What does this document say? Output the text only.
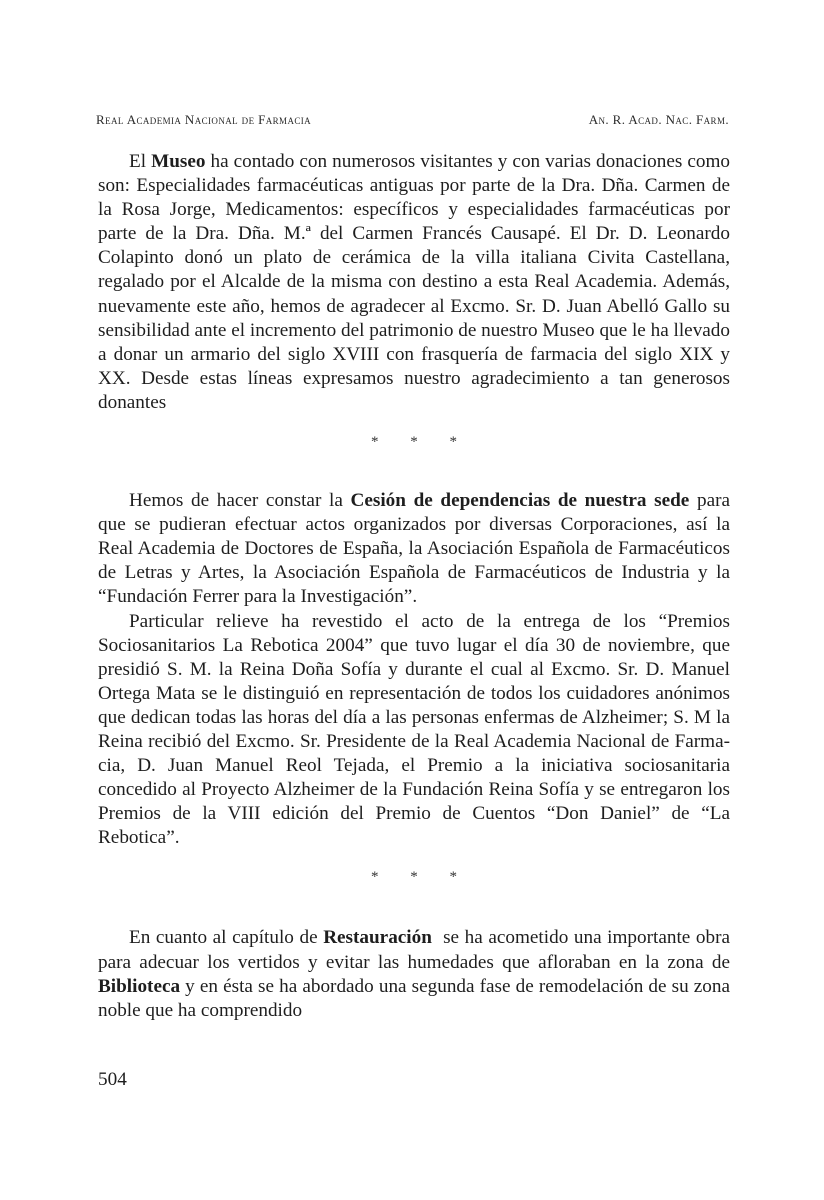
Real Academia Nacional de Farmacia	An. R. Acad. Nac. Farm.

El Museo ha contado con numerosos visitantes y con varias donaciones como son: Especialidades farmacéuticas antiguas por parte de la Dra. Dña. Carmen de la Rosa Jorge, Medicamentos: específicos y especialidades farmacéuticas por parte de la Dra. Dña. M.ª del Carmen Francés Causapé. El Dr. D. Leonardo Colapinto donó un plato de cerámica de la villa italiana Civita Castellana, regalado por el Alcalde de la misma con destino a esta Real Academia. Además, nuevamente este año, hemos de agradecer al Excmo. Sr. D. Juan Abelló Gallo su sensibilidad ante el incremento del patrimonio de nuestro Museo que le ha llevado a donar un armario del siglo XVIII con frasquería de farmacia del siglo XIX y XX. Desde estas líneas expresamos nuestro agradecimiento a tan generosos donantes

* * *

Hemos de hacer constar la Cesión de dependencias de nuestra sede para que se pudieran efectuar actos organizados por diversas Corporaciones, así la Real Academia de Doctores de España, la Asociación Española de Farmacéuticos de Letras y Artes, la Asociación Española de Farmacéuticos de Industria y la “Fundación Ferrer para la Investigación”.

Particular relieve ha revestido el acto de la entrega de los “Premios Sociosanitarios La Rebotica 2004” que tuvo lugar el día 30 de noviembre, que presidió S. M. la Reina Doña Sofía y durante el cual al Excmo. Sr. D. Manuel Ortega Mata se le distinguió en representación de todos los cuidadores anónimos que dedican todas las horas del día a las personas enfermas de Alzheimer; S. M la Reina recibió del Excmo. Sr. Presidente de la Real Academia Nacional de Farmacia, D. Juan Manuel Reol Tejada, el Premio a la iniciativa sociosanitaria concedido al Proyecto Alzheimer de la Fundación Reina Sofía y se entregaron los Premios de la VIII edición del Premio de Cuentos “Don Daniel” de “La Rebotica”.

* * *

En cuanto al capítulo de Restauración  se ha acometido una importante obra para adecuar los vertidos y evitar las humedades que afloraban en la zona de Biblioteca y en ésta se ha abordado una segunda fase de remodelación de su zona noble que ha comprendido

504
